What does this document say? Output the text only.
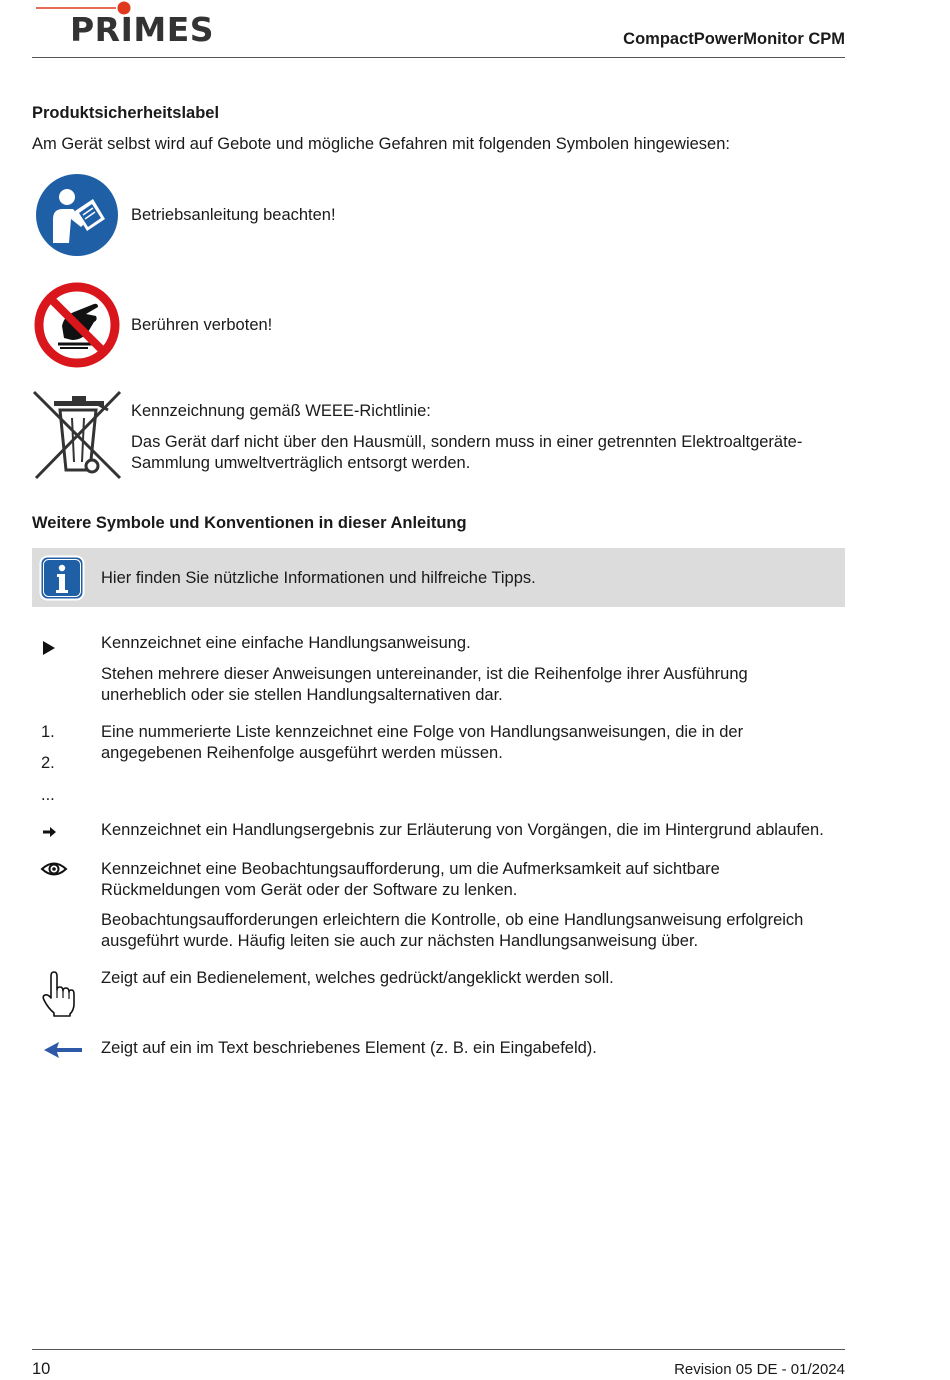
PRIMES	CompactPowerMonitor CPM
Produktsicherheitslabel

Am Gerät selbst wird auf Gebote und mögliche Gefahren mit folgenden Symbolen hingewiesen:

Betriebsanleitung beachten!

Berühren verboten!

Kennzeichnung gemäß WEEE-Richtlinie:

Das Gerät darf nicht über den Hausmüll, sondern muss in einer getrennten Elektroaltgeräte-Sammlung umweltverträglich entsorgt werden.

Weitere Symbole und Konventionen in dieser Anleitung

Hier finden Sie nützliche Informationen und hilfreiche Tipps.

Kennzeichnet eine einfache Handlungsanweisung.

Stehen mehrere dieser Anweisungen untereinander, ist die Reihenfolge ihrer Ausführung unerheblich oder sie stellen Handlungsalternativen dar.

1.
2.
...

Eine nummerierte Liste kennzeichnet eine Folge von Handlungsanweisungen, die in der angegebenen Reihenfolge ausgeführt werden müssen.

Kennzeichnet ein Handlungsergebnis zur Erläuterung von Vorgängen, die im Hintergrund ablaufen.

Kennzeichnet eine Beobachtungsaufforderung, um die Aufmerksamkeit auf sichtbare Rückmeldungen vom Gerät oder der Software zu lenken.

Beobachtungsaufforderungen erleichtern die Kontrolle, ob eine Handlungsanweisung erfolgreich ausgeführt wurde. Häufig leiten sie auch zur nächsten Handlungsanweisung über.

Zeigt auf ein Bedienelement, welches gedrückt/angeklickt werden soll.

Zeigt auf ein im Text beschriebenes Element (z. B. ein Eingabefeld).

10	Revision 05 DE - 01/2024
